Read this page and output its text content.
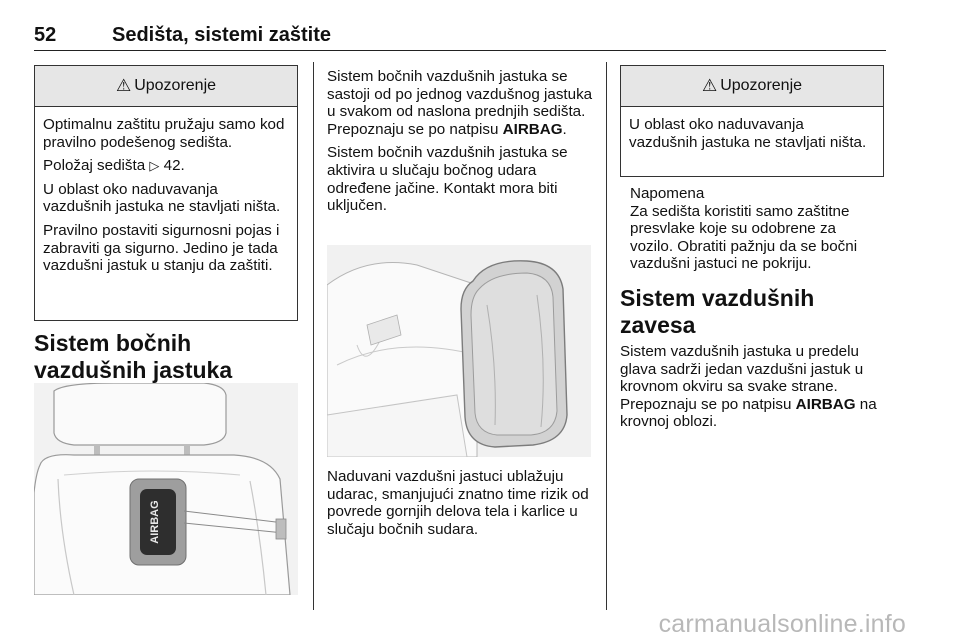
52	Sedišta, sistemi zaštite
⚠ Upozorenje

Optimalnu zaštitu pružaju samo kod pravilno podešenog sedišta.

Položaj sedišta ▷ 42.

U oblast oko naduvavanja vazdušnih jastuka ne stavljati ništa.

Pravilno postaviti sigurnosni pojas i zabraviti ga sigurno. Jedino je tada vazdušni jastuk u stanju da zaštiti.

Sistem bočnih vazdušnih jastuka
AIRBAG

Sistem bočnih vazdušnih jastuka se sastoji od po jednog vazdušnog jastuka u svakom od naslona prednjih sedišta. Prepoznaju se po natpisu AIRBAG.

Sistem bočnih vazdušnih jastuka se aktivira u slučaju bočnog udara određene jačine. Kontakt mora biti uključen.

Naduvani vazdušni jastuci ublažuju udarac, smanjujući znatno time rizik od povrede gornjih delova tela i karlice u slučaju bočnih sudara.

⚠ Upozorenje

U oblast oko naduvavanja vazdušnih jastuka ne stavljati ništa.

Napomena

Za sedišta koristiti samo zaštitne presvlake koje su odobrene za vozilo. Obratiti pažnju da se bočni vazdušni jastuci ne pokriju.

Sistem vazdušnih zavesa

Sistem vazdušnih jastuka u predelu glava sadrži jedan vazdušni jastuk u krovnom okviru sa svake strane.

Prepoznaju se po natpisu AIRBAG na krovnoj oblozi.

carmanualsonline.info
